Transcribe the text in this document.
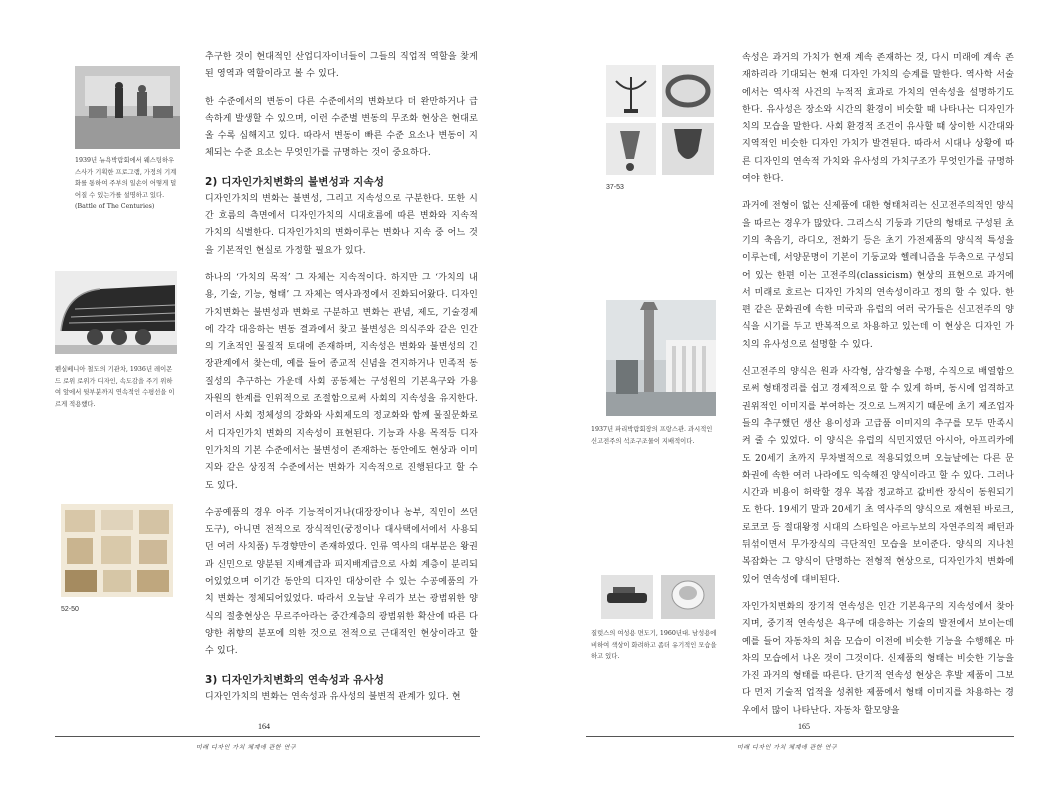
1939년 뉴욕박람회에서 웨스팅하우스사가 기획한 프로그램, 가정의 기계화를 통하여 주부의 일손이 어떻게 덜어질 수 있는가를 설명하고 있다.(Battle of The Centuries)
펜실베니아 철도의 기관차, 1936년 레이몬드 로위 로위가 디자인, 속도감을 주기 위하여 앞에서 뒷부분까지 연속적인 수평선을 이르게 적용했다.
52-50

추구한 것이 현대적인 산업디자이너들이 그들의 직업적 역할을 찾게된 영역과 역할이라고 볼 수 있다.

한 수준에서의 변동이 다른 수준에서의 변화보다 더 완만하거나 급속하게 발생할 수 있으며, 이런 수준별 변동의 무조화 현상은 현대로 올 수록 심해지고 있다. 따라서 변동이 빠른 수준 요소나 변동이 지체되는 수준 요소는 무엇인가를 규명하는 것이 중요하다.

2) 디자인가치변화의 불변성과 지속성

디자인가치의 변화는 불변성, 그리고 지속성으로 구분한다. 또한 시간 흐름의 측면에서 디자인가치의 시대흐름에 따른 변화와 지속적 가치의 식별한다. 디자인가치의 변화이루는 변화나 지속 중 어느 것을 기본적인 현실로 가정할 필요가 있다.

하나의 ‘가치의 목적’ 그 자체는 지속적이다. 하지만 그 ‘가치의 내용, 기술, 기능, 형태’ 그 자체는 역사과정에서 진화되어왔다. 디자인가치변화는 불변성과 변화로 구분하고 변화는 관념, 제도, 기술경제에 각각 대응하는 변동 결과에서 찾고 불변성은 의식주와 같은 인간의 기초적인 물질적 토대에 존재하며, 지속성은 변화와 불변성의 긴장관계에서 찾는데, 예를 들어 종교적 신념을 견지하거나 민족적 동질성의 추구하는 가운데 사회 공동체는 구성원의 기본욕구와 가용 자원의 한계를 인위적으로 조절함으로써 사회의 지속성을 유지한다. 이러서 사회 정체성의 강화와 사회제도의 정교화와 함께 물질문화로서 디자인가치 변화의 지속성이 표현된다. 기능과 사용 목적등 디자인가치의 기본 수준에서는 불변성이 존재하는 동안에도 현상과 이미지와 같은 상징적 수준에서는 변화가 지속적으로 진행된다고 할 수도 있다.

수공예품의 경우 아주 기능적이거나(대장장이나 농부, 직인이 쓰던 도구), 아니면 전적으로 장식적인(궁정이나 대사택에서에서 사용되던 여러 사치품) 두경향만이 존재하였다. 인류 역사의 대부분은 왕권과 신민으로 양분된 지배계급과 피지배계급으로 사회 계층이 분리되어있었으며 이기간 동안의 디자인 대상이란 수 있는 수공예품의 가치 변화는 정체되어있었다. 따라서 오늘날 우리가 보는 광범위한 양식의 절충현상은 무르주아라는 중간계층의 광범위한 확산에 따른 다양한 취향의 분포에 의한 것으로 전적으로 근대적인 현상이라고 할 수 있다.

3) 디자인가치변화의 연속성과 유사성

디자인가치의 변화는 연속성과 유사성의 불변적 관계가 있다. 현

164
미래 디자인 가치 체계에 관한 연구
37-53
1937년 파리박람회장의 프랑스관. 과시적인 신고전주의 석조구조물이 지배적이다.
질럿스의 여성용 면도기, 1960년대. 남성용에 비하여 색상이 화려하고 좀더 유기적인 모습을 하고 있다.

속성은 과거의 가치가 현재 계속 존재하는 것, 다시 미래에 계속 존재하리라 기대되는 현재 디자인 가치의 승계를 말한다. 역사학 서술에서는 역사적 사건의 누적적 효과로 가치의 연속성을 설명하기도 한다. 유사성은 장소와 시간의 환경이 비슷할 때 나타나는 디자인가치의 모습을 말한다. 사회 환경적 조건이 유사할 때 상이한 시간대와 지역적인 비슷한 디자인 가치가 발견된다. 따라서 시대나 상황에 따른 디자인의 연속적 가치와 유사성의 가치구조가 무엇인가를 규명하여야 한다.

과거에 전형이 없는 신제품에 대한 형태처리는 신고전주의적인 양식을 따르는 경우가 많았다. 그리스식 기둥과 기단의 형태로 구성된 초기의 축음기, 라디오, 전화기 등은 초기 가전제품의 양식적 특성을 이루는데, 서양문명이 기본이 기둥교와 헬레니즘을 두축으로 구성되어 있는 한편 이는 고전주의(classicism) 현상의 표현으로 과거에서 미래로 흐르는 디자인 가치의 연속성이라고 정의 할 수 있다. 한편 같은 문화권에 속한 미국과 유럽의 여러 국가들은 신고전주의 양식을 시기를 두고 반복적으로 차용하고 있는데 이 현상은 디자인 가치의 유사성으로 설명할 수 있다.

신고전주의 양식은 원과 사각형, 삼각형을 수평, 수직으로 배열함으로써 형태정리를 쉽고 경제적으로 할 수 있게 하며, 동시에 엄격하고 권위적인 이미지를 부여하는 것으로 느껴지기 때문에 초기 제조업자들의 추구했던 생산 용이성과 고급품 이미지의 추구를 모두 만족시켜 줄 수 있었다. 이 양식은 유럽의 식민지였던 아시아, 아프리카에도 20세기 초까지 무차별적으로 적용되었으며 오늘날에는 다른 문화권에 속한 여러 나라에도 익숙해진 양식이라고 할 수 있다. 그러나 시간과 비용이 허락할 경우 복잡 정교하고 값비싼 장식이 동원되기도 한다. 19세기 말과 20세기 초 역사주의 양식으로 재현된 바로크, 로코코 등 절대왕정 시대의 스타일은 아르누보의 자연주의적 패턴과 뒤섞이면서 무가장식의 극단적인 모습을 보이준다. 양식의 지나친 복잡화는 그 양식이 단명하는 전형적 현상으로, 디자인가치 변화에 있어 연속성에 대비된다.

자인가치변화의 장기적 연속성은 인간 기본욕구의 지속성에서 찾아지며, 중기적 연속성은 욕구에 대응하는 기술의 발전에서 보이는데 예를 들어 자동차의 처음 모습이 이전에 비슷한 기능을 수행해온 마차의 모습에서 나온 것이 그것이다. 신제품의 형태는 비슷한 기능을 가진 과거의 형태를 따른다. 단기적 연속성 현상은 후발 제품이 그보다 먼저 기술적 업적을 성취한 제품에서 형태 이미지를 차용하는 경우에서 많이 나타난다. 자동차 할모양을

165
미래 디자인 가치 체계에 관한 연구
